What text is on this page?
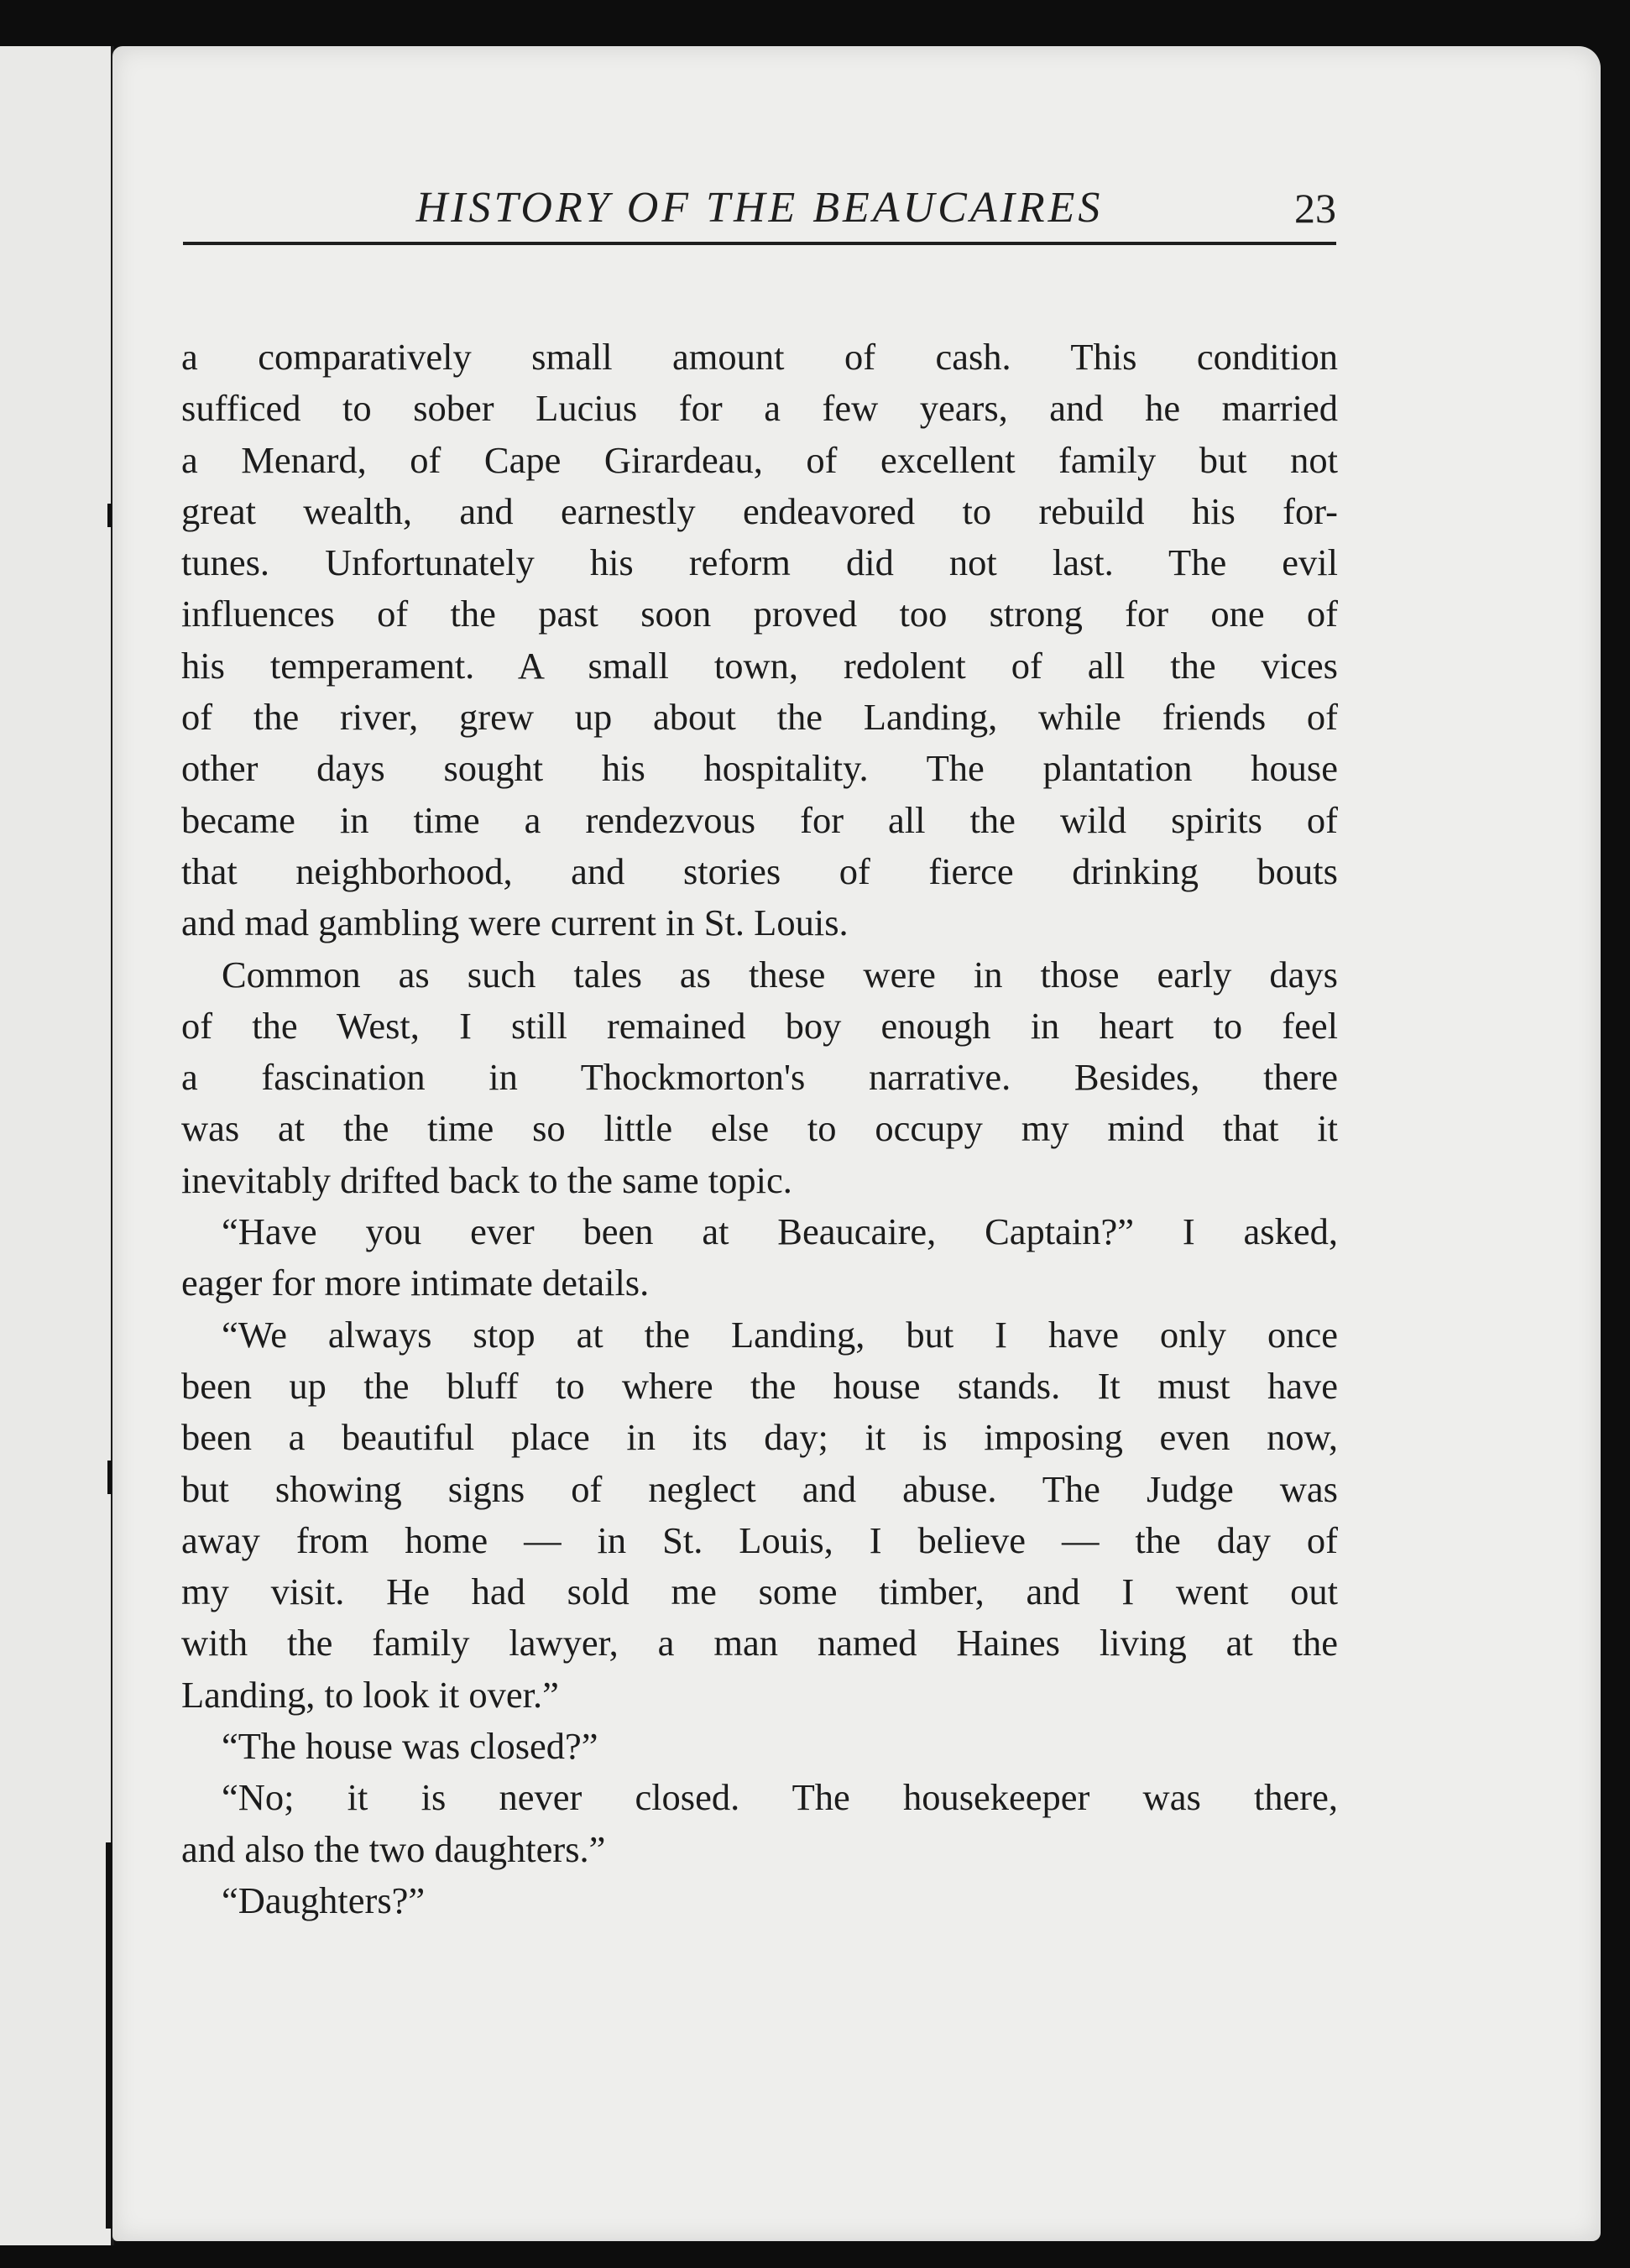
HISTORY OF THE BEAUCAIRES	23
a comparatively small amount of cash. This condition
sufficed to sober Lucius for a few years, and he married
a Menard, of Cape Girardeau, of excellent family but not
great wealth, and earnestly endeavored to rebuild his for-
tunes. Unfortunately his reform did not last. The evil
influences of the past soon proved too strong for one of
his temperament. A small town, redolent of all the vices
of the river, grew up about the Landing, while friends of
other days sought his hospitality. The plantation house
became in time a rendezvous for all the wild spirits of
that neighborhood, and stories of fierce drinking bouts
and mad gambling were current in St. Louis.
Common as such tales as these were in those early days
of the West, I still remained boy enough in heart to feel
a fascination in Thockmorton's narrative. Besides, there
was at the time so little else to occupy my mind that it
inevitably drifted back to the same topic.
“Have you ever been at Beaucaire, Captain?” I asked,
eager for more intimate details.
“We always stop at the Landing, but I have only once
been up the bluff to where the house stands. It must have
been a beautiful place in its day; it is imposing even now,
but showing signs of neglect and abuse. The Judge was
away from home — in St. Louis, I believe — the day of
my visit. He had sold me some timber, and I went out
with the family lawyer, a man named Haines living at the
Landing, to look it over.”
“The house was closed?”
“No; it is never closed. The housekeeper was there,
and also the two daughters.”
“Daughters?”
